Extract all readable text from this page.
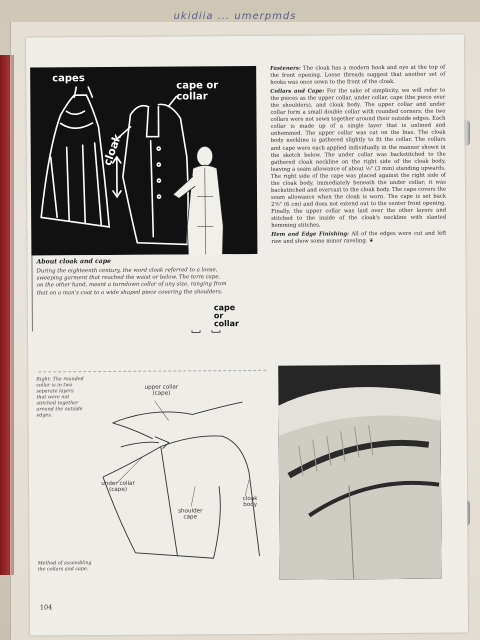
ukidiia ... umerpmds
capes
cape or collar
cloak
About cloak and cape
During the eighteenth century, the word cloak referred to a loose, sweeping garment that reached the waist or below. The term cape, on the other hand, meant a turndown collar of any size, ranging from that on a man's coat to a wide shaped piece covering the shoulders.
cape or collar
Fasteners: The cloak has a modern hook and eye at the top of the front opening. Loose threads suggest that another set of hooks was once sewn to the front of the cloak.
Collars and Cape: For the sake of simplicity, we will refer to the pieces as the upper collar, under collar, cape (the piece over the shoulders), and cloak body. The upper collar and under collar form a small double collar with rounded corners; the two collars were not sewn together around their outside edges. Each collar is made up of a single layer that is unlined and unhemmed. The upper collar was cut on the bias. The cloak body neckline is gathered slightly to fit the collar. The collars and cape were each applied individually in the manner shown in the sketch below. The under collar was backstitched to the gathered cloak neckline on the right side of the cloak body, leaving a seam allowance of about ⅛" (3 mm) standing upwards. The right side of the cape was placed against the right side of the cloak body, immediately beneath the under collar; it was backstitched and overcast to the cloak body. The cape covers the seam allowance when the cloak is worn. The cape is set back 2⅜" (6 cm) and does not extend out to the center front opening. Finally, the upper collar was laid over the other layers and stitched to the inside of the cloak's neckline with slanted hemming stitches.
Hem and Edge Finishing: All of the edges were cut and left raw and show some minor raveling. ❦
Right: The rounded collar is in two separate layers that were not stitched together around the outside edges.
upper collar (cape)
under collar (cape)
shoulder cape
cloak body
Method of assembling the collars and cape.
104
